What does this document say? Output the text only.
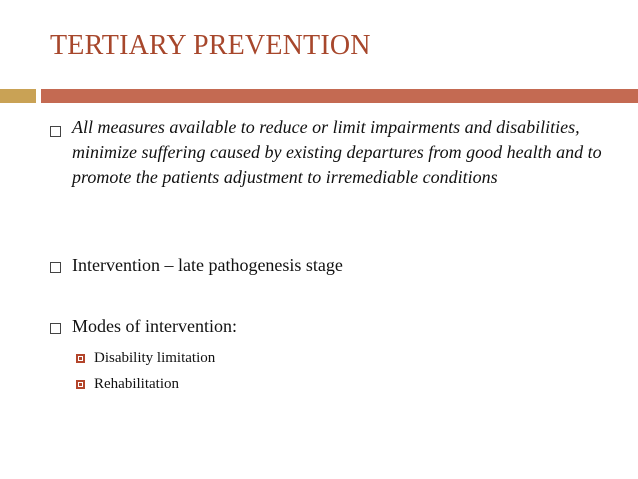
TERTIARY PREVENTION
All measures available to reduce or limit impairments and disabilities, minimize suffering caused by existing departures from good health and to promote the patients adjustment to irremediable conditions
Intervention – late pathogenesis stage
Modes of intervention:
Disability limitation
Rehabilitation
